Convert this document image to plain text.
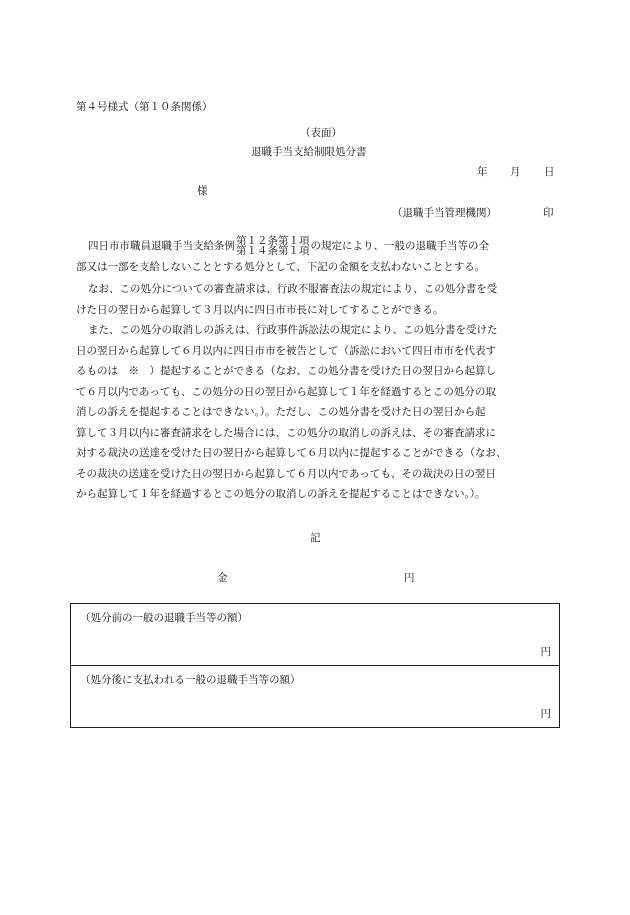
第４号様式（第１０条関係）
（表面）
退職手当支給制限処分書
年 月 日
様
（退職手当管理機関）	印
四日市市職員退職手当支給条例 第１２条第１項
第１４条第１項 の規定により、一般の退職手当等の全
部又は一部を支給しないこととする処分として、下記の金額を支払わないこととする。
なお、この処分についての審査請求は、行政不服審査法の規定により、この処分書を受
けた日の翌日から起算して３月以内に四日市市長に対してすることができる。
また、この処分の取消しの訴えは、行政事件訴訟法の規定により、この処分書を受けた
日の翌日から起算して６月以内に四日市市を被告として（訴訟において四日市市を代表す
るものは　※　）提起することができる（なお、この処分書を受けた日の翌日から起算し
て６月以内であっても、この処分の日の翌日から起算して１年を経過するとこの処分の取
消しの訴えを提起することはできない。）。ただし、この処分書を受けた日の翌日から起
算して３月以内に審査請求をした場合には、この処分の取消しの訴えは、その審査請求に
対する裁決の送達を受けた日の翌日から起算して６月以内に提起することができる（なお、
その裁決の送達を受けた日の翌日から起算して６月以内であっても、その裁決の日の翌日
から起算して１年を経過するとこの処分の取消しの訴えを提起することはできない。）。
記
金	円
（処分前の一般の退職手当等の額）
円

（処分後に支払われる一般の退職手当等の額）
円
